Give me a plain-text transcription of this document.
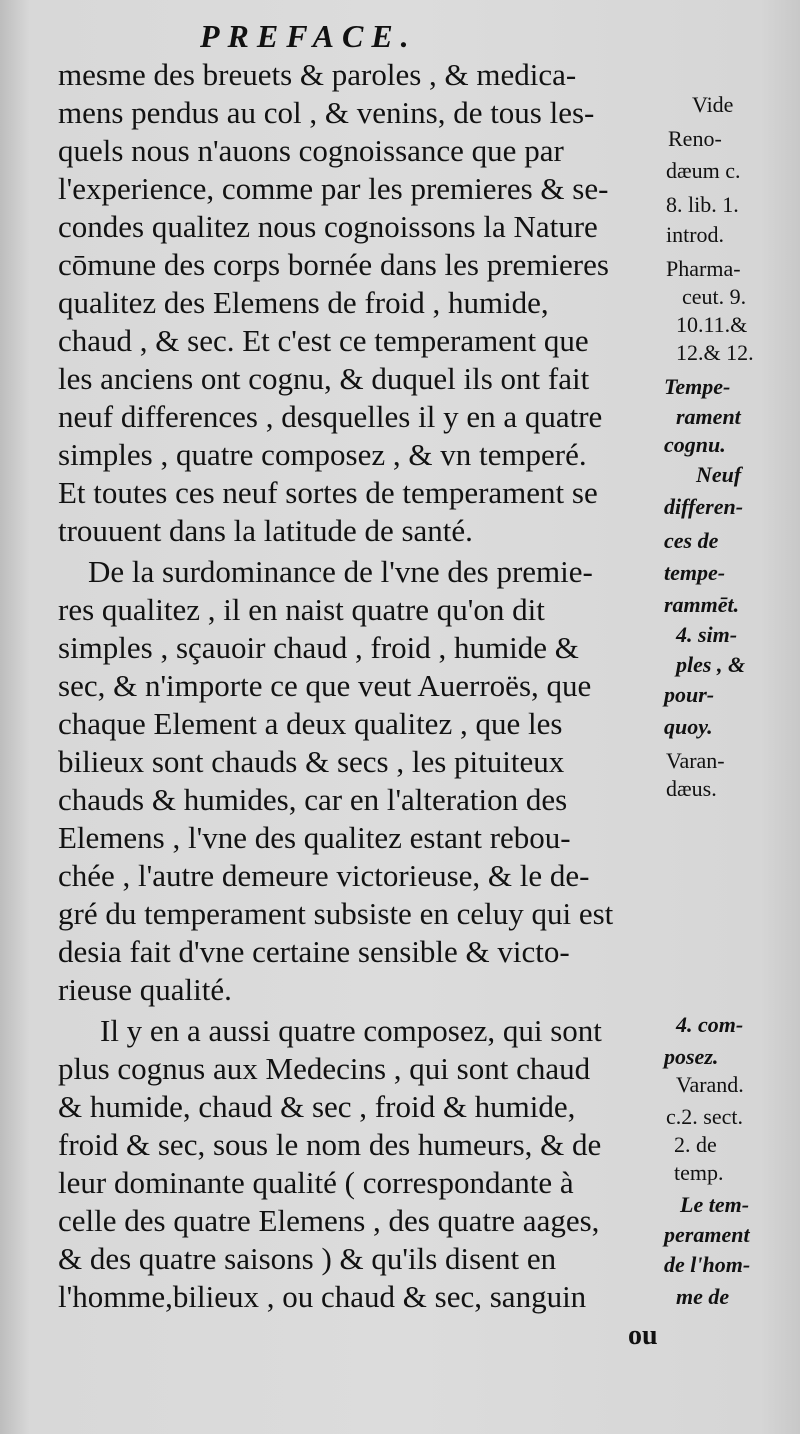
PREFACE.
mesme des breuets & paroles , & medica-
mens pendus au col , & venins, de tous les-
quels nous n'auons cognoissance que par
l'experience, comme par les premieres & se-
condes qualitez nous cognoissons la Nature
cōmune des corps bornée dans les premieres
qualitez des Elemens de froid , humide,
chaud , & sec. Et c'est ce temperament que
les anciens ont cognu, & duquel ils ont fait
neuf differences , desquelles il y en a quatre
simples , quatre composez , & vn temperé.
Et toutes ces neuf sortes de temperament se
trouuent dans la latitude de santé.
De la surdominance de l'vne des premie-
res qualitez , il en naist quatre qu'on dit
simples , sçauoir chaud , froid , humide &
sec, & n'importe ce que veut Auerroës, que
chaque Element a deux qualitez , que les
bilieux sont chauds & secs , les pituiteux
chauds & humides, car en l'alteration des
Elemens , l'vne des qualitez estant rebou-
chée , l'autre demeure victorieuse, & le de-
gré du temperament subsiste en celuy qui est
desia fait d'vne certaine sensible & victo-
rieuse qualité.
Il y en a aussi quatre composez, qui sont
plus cognus aux Medecins , qui sont chaud
& humide, chaud & sec , froid & humide,
froid & sec, sous le nom des humeurs, & de
leur dominante qualité ( correspondante à
celle des quatre Elemens , des quatre aages,
& des quatre saisons ) & qu'ils disent en
l'homme,bilieux , ou chaud & sec, sanguin
Vide
Reno-
dæum c.
8. lib. 1.
introd.
Pharma-
ceut. 9.
10.11.&
12.& 12.
Tempe-
rament
cognu.
Neuf
differen-
ces de
tempe-
rammēt.
4. sim-
ples , &
pour-
quoy.
Varan-
dæus.
4. com-
posez.
Varand.
c.2. sect.
2. de
temp.
Le tem-
perament
de l'hom-
me de
ou
